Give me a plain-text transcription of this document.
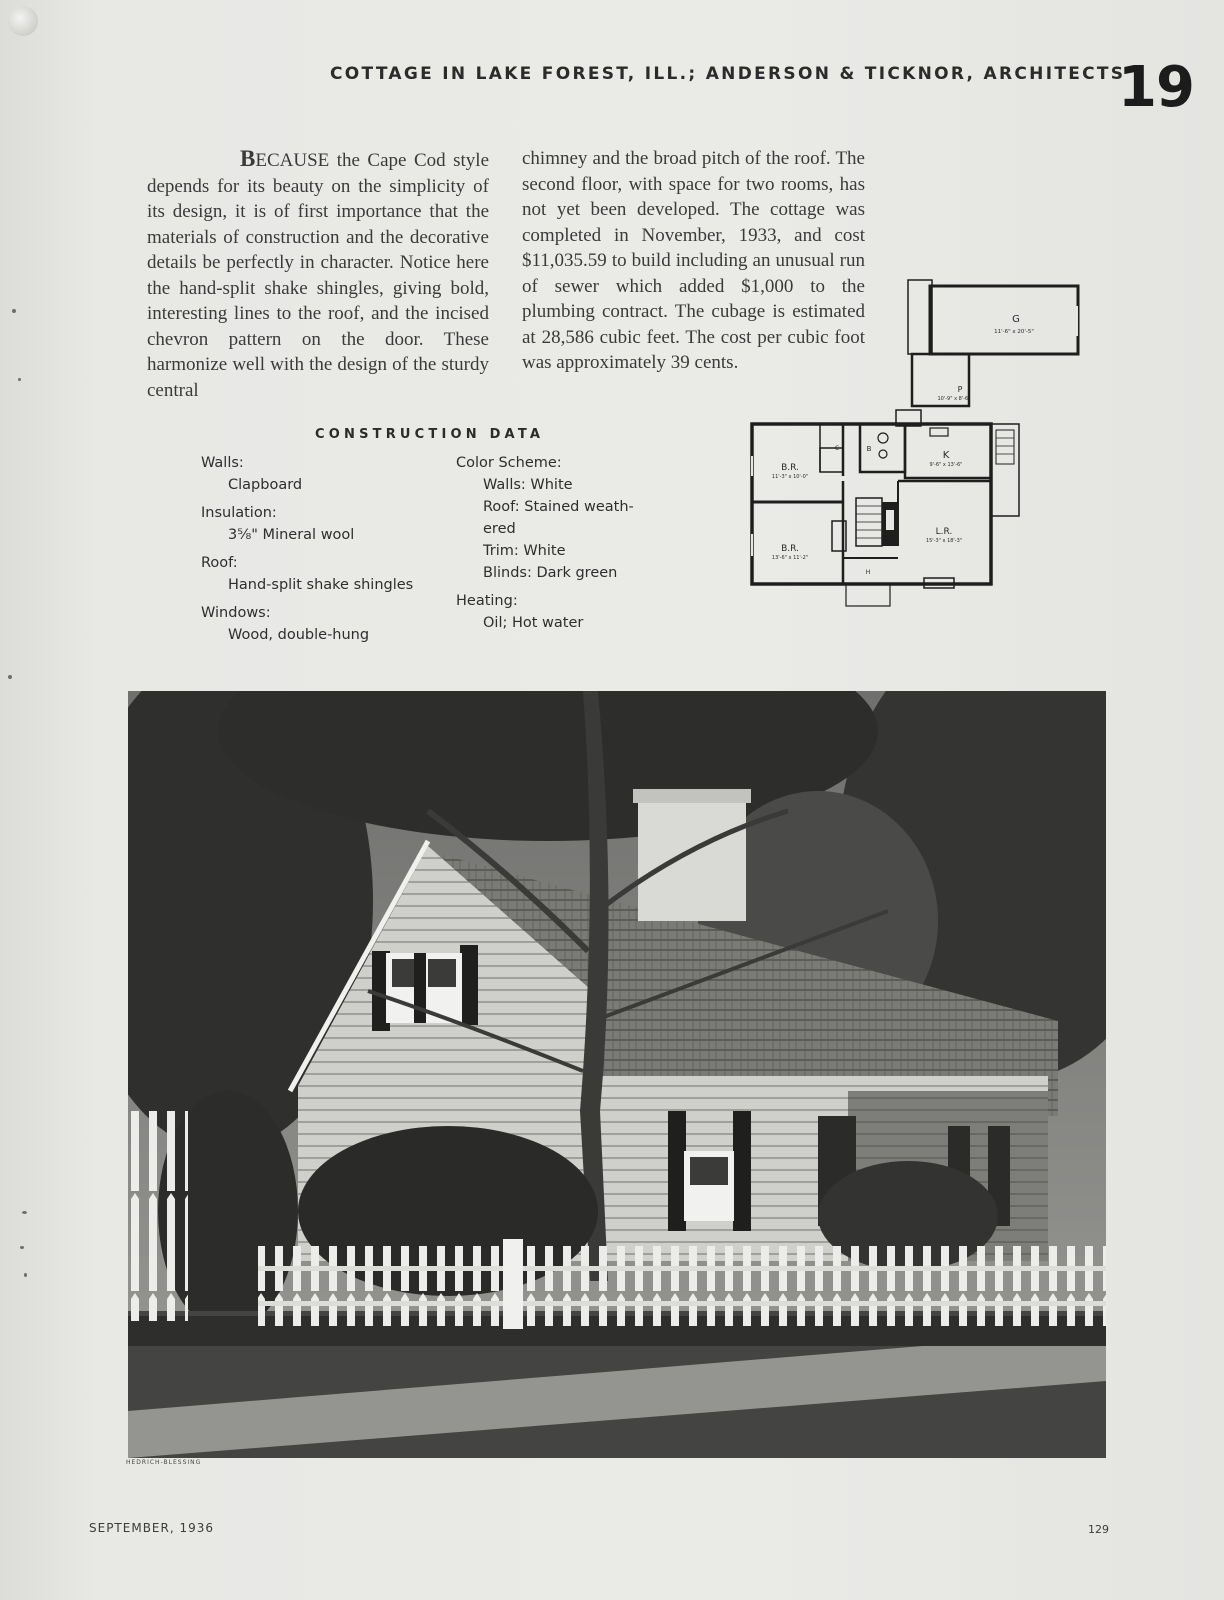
COTTAGE IN LAKE FOREST, ILL.; ANDERSON & TICKNOR, ARCHITECTS
19
BECAUSE the Cape Cod style depends for its beauty on the simplicity of its design, it is of first importance that the materials of construction and the decorative details be perfectly in character. Notice here the hand-split shake shingles, giving bold, interesting lines to the roof, and the incised chevron pattern on the door. These harmonize well with the design of the sturdy central
chimney and the broad pitch of the roof. The second floor, with space for two rooms, has not yet been developed. The cottage was completed in November, 1933, and cost $11,035.59 to build including an unusual run of sewer which added $1,000 to the plumbing contract. The cubage is estimated at 28,586 cubic feet. The cost per cubic foot was approximately 39 cents.
CONSTRUCTION DATA
Walls:
Clapboard
Insulation:
3⅝" Mineral wool
Roof:
Hand-split shake shingles
Windows:
Wood, double-hung
Color Scheme:
Walls: White
Roof: Stained weath-
ered
Trim: White
Blinds: Dark green
Heating:
Oil; Hot water
G
11'-6" x 20'-5"
P
10'-9" x 8'-6"
K
9'-6" x 13'-6"
B.R.
11'-3" x 10'-0"
B.R.
13'-6" x 11'-2"
L.R.
15'-3" x 18'-3"
B
C
H
HEDRICH-BLESSING
SEPTEMBER, 1936	129
